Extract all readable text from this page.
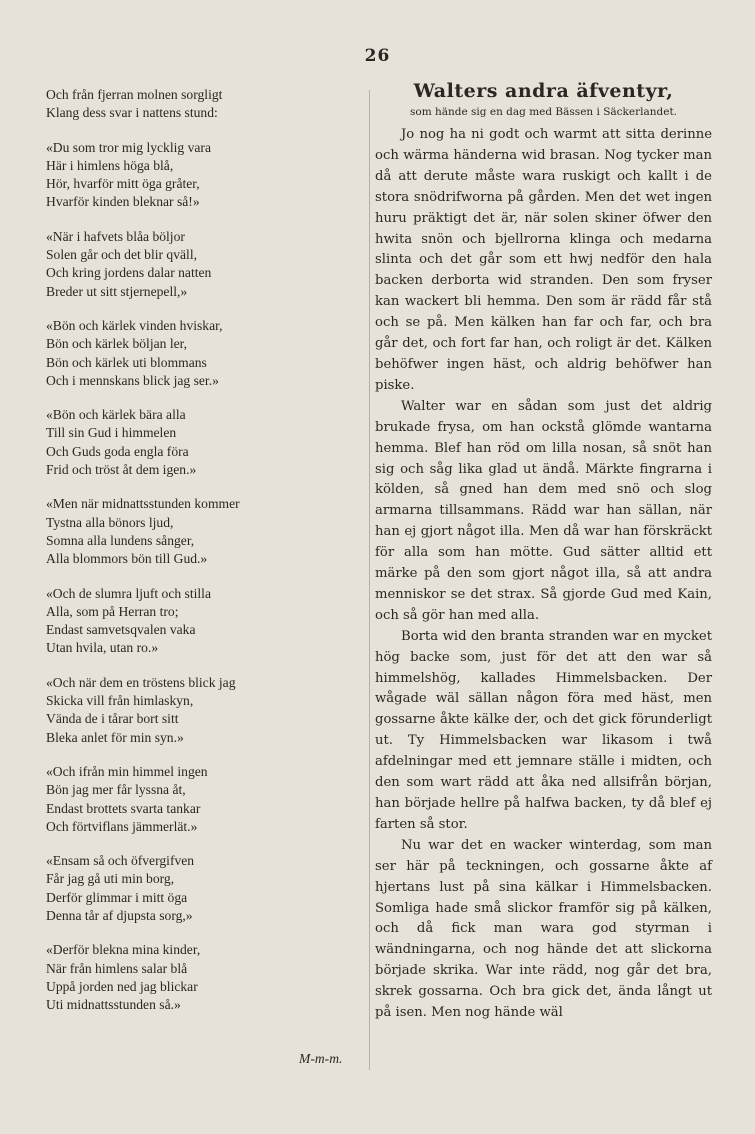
26
Och från fjerran molnen sorgligt
Klang dess svar i nattens stund:
«Du som tror mig lycklig vara
Här i himlens höga blå,
Hör, hvarför mitt öga gråter,
Hvarför kinden bleknar så!»
«När i hafvets blåa böljor
Solen går och det blir qväll,
Och kring jordens dalar natten
Breder ut sitt stjernepell,»
«Bön och kärlek vinden hviskar,
Bön och kärlek böljan ler,
Bön och kärlek uti blommans
Och i mennskans blick jag ser.»
«Bön och kärlek bära alla
Till sin Gud i himmelen
Och Guds goda engla föra
Frid och tröst åt dem igen.»
«Men när midnattsstunden kommer
Tystna alla bönors ljud,
Somna alla lundens sånger,
Alla blommors bön till Gud.»
«Och de slumra ljuft och stilla
Alla, som på Herran tro;
Endast samvetsqvalen vaka
Utan hvila, utan ro.»
«Och när dem en tröstens blick jag
Skicka vill från himlaskyn,
Vända de i tårar bort sitt
Bleka anlet för min syn.»
«Och ifrån min himmel ingen
Bön jag mer får lyssna åt,
Endast brottets svarta tankar
Och förtviflans jämmerlät.»
«Ensam så och öfvergifven
Får jag gå uti min borg,
Derför glimmar i mitt öga
Denna tår af djupsta sorg,»
«Derför bleknа mina kinder,
När från himlens salar blå
Uppå jorden ned jag blickar
Uti midnattsstunden så.»
M-m-m.

Walters andra äfventyr,

som hände sig en dag med Bässen i Säckerlandet.

Jo nog ha ni godt och warmt att sitta derinne och wärma händerna wid brasan. Nog tycker man då att derute måste wara ruskigt och kallt i de stora snödrifworna på gården. Men det wet ingen huru präktigt det är, när solen skiner öfwer den hwita snön och bjellrorna klinga och medarna slinta och det går som ett hwj nedför den hala backen derborta wid stranden. Den som fryser kan wackert bli hemma. Den som är rädd får stå och se på. Men kälken han far och far, och bra går det, och fort far han, och roligt är det. Kälken behöfwer ingen häst, och aldrig behöfwer han piske.

Walter war en sådan som just det aldrig brukade frysa, om han ockstå glömde wantarna hemma. Blef han röd om lilla nosan, så snöt han sig och såg lika glad ut ändå. Märkte fingrarna i kölden, så gned han dem med snö och slog armarna tillsammans. Rädd war han sällan, när han ej gjort något illa. Men då war han förskräckt för alla som han mötte. Gud sätter alltid ett märke på den som gjort något illa, så att andra menniskor se det strax. Så gjorde Gud med Kain, och så gör han med alla.

Borta wid den branta stranden war en mycket hög backe som, just för det att den war så himmelshög, kallades Himmelsbacken. Der wågade wäl sällan någon föra med häst, men gossarne åkte kälke der, och det gick förunderligt ut. Ty Himmelsbacken war likasom i twå afdelningar med ett jemnare ställe i midten, och den som wart rädd att åka ned allsifrån början, han började hellre på halfwa backen, ty då blef ej farten så stor.

Nu war det en wacker winterdag, som man ser här på teckningen, och gossarne åkte af hjertans lust på sina kälkar i Himmelsbacken. Somliga hade små slickor framför sig på kälken, och då fick man wara god styrman i wändningarna, och nog hände det att slickorna började skrika. War inte rädd, nog går det bra, skrek gossarna. Och bra gick det, ända långt ut på isen. Men nog hände wäl
